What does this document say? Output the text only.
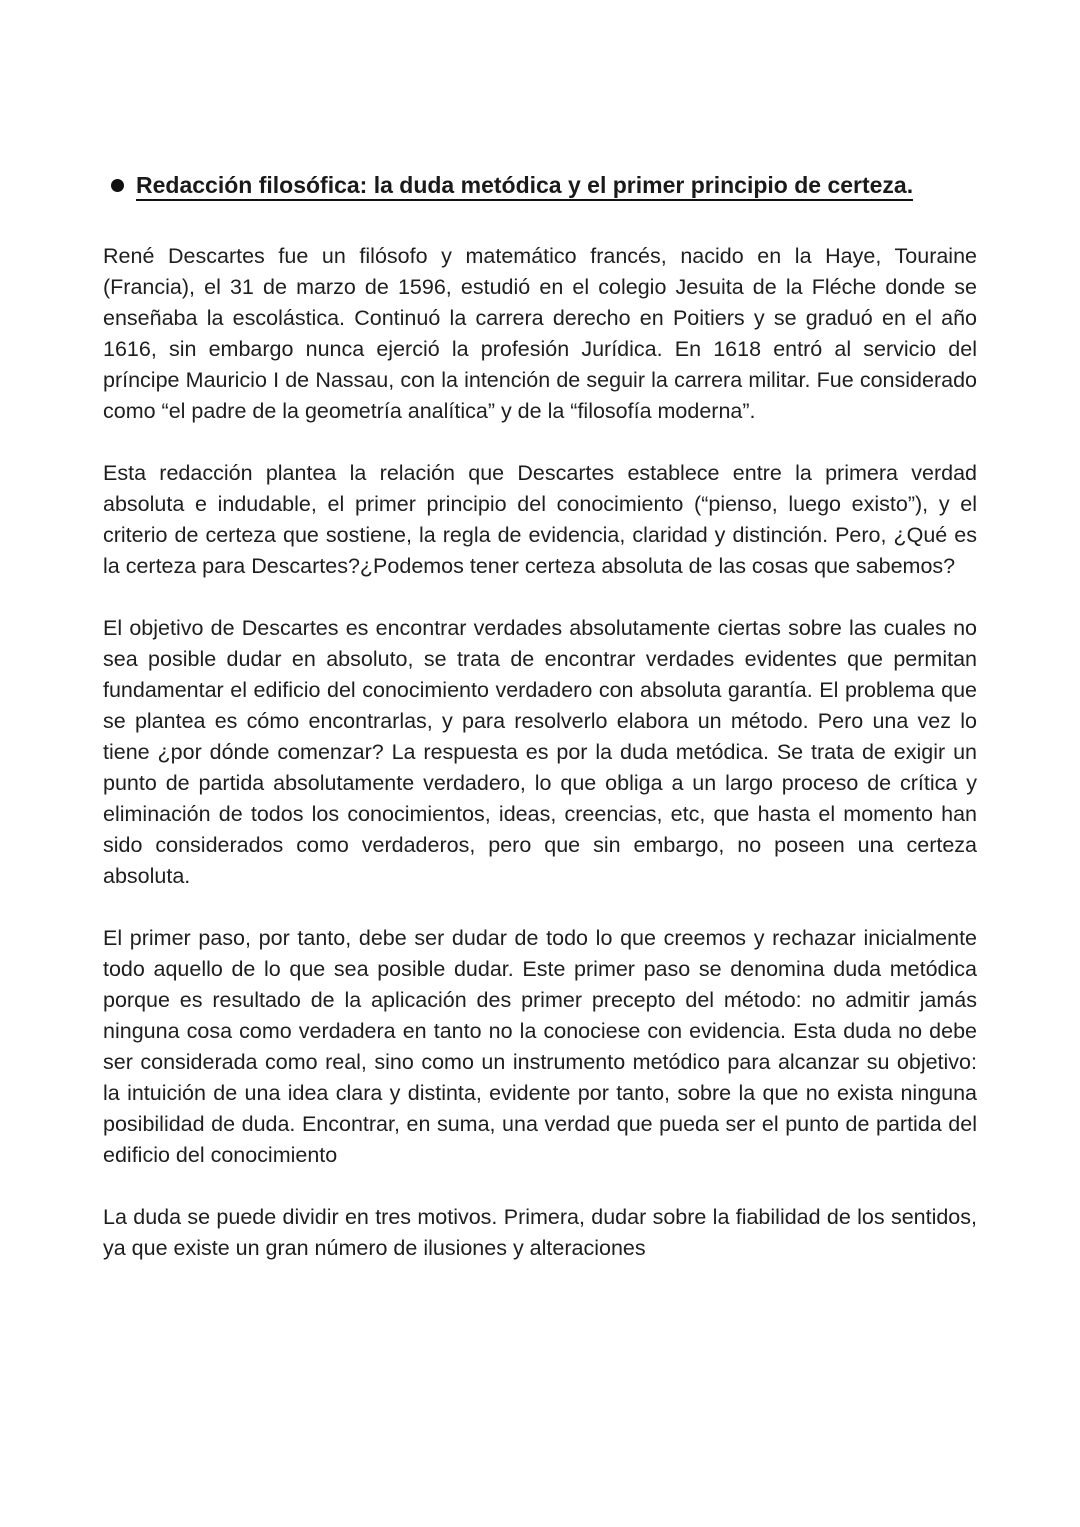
Redacción filosófica: la duda metódica y el primer principio de certeza.

René Descartes fue un filósofo y matemático francés, nacido en la Haye, Touraine (Francia), el 31 de marzo de 1596, estudió en el colegio Jesuita de la Fléche donde se enseñaba la escolástica. Continuó la carrera derecho en Poitiers y se graduó en el año 1616, sin embargo nunca ejerció la profesión Jurídica. En 1618 entró al servicio del príncipe Mauricio I de Nassau, con la intención de seguir la carrera militar. Fue considerado como “el padre de la geometría analítica” y de la “filosofía moderna”.

Esta redacción plantea la relación que Descartes establece entre la primera verdad absoluta e indudable, el primer principio del conocimiento (“pienso, luego existo”), y el criterio de certeza que sostiene, la regla de evidencia, claridad y distinción. Pero, ¿Qué es la certeza para Descartes?¿Podemos tener certeza absoluta de las cosas que sabemos?

El objetivo de Descartes es encontrar verdades absolutamente ciertas sobre las cuales no sea posible dudar en absoluto, se trata de encontrar verdades evidentes que permitan fundamentar el edificio del conocimiento verdadero con absoluta garantía. El problema que se plantea es cómo encontrarlas, y para resolverlo elabora un método. Pero una vez lo tiene ¿por dónde comenzar? La respuesta es por la duda metódica. Se trata de exigir un punto de partida absolutamente verdadero, lo que obliga a un largo proceso de crítica y eliminación de todos los conocimientos, ideas, creencias, etc, que hasta el momento han sido considerados como verdaderos, pero que sin embargo, no poseen una certeza absoluta.

El primer paso, por tanto, debe ser dudar de todo lo que creemos y rechazar inicialmente todo aquello de lo que sea posible dudar. Este primer paso se denomina duda metódica porque es resultado de la aplicación des primer precepto del método: no admitir jamás ninguna cosa como verdadera en tanto no la conociese con evidencia. Esta duda no debe ser considerada como real, sino como un instrumento metódico para alcanzar su objetivo: la intuición de una idea clara y distinta, evidente por tanto, sobre la que no exista ninguna posibilidad de duda. Encontrar, en suma, una verdad que pueda ser el punto de partida del edificio del conocimiento

La duda se puede dividir en tres motivos. Primera, dudar sobre la fiabilidad de los sentidos, ya que existe un gran número de ilusiones y alteraciones
